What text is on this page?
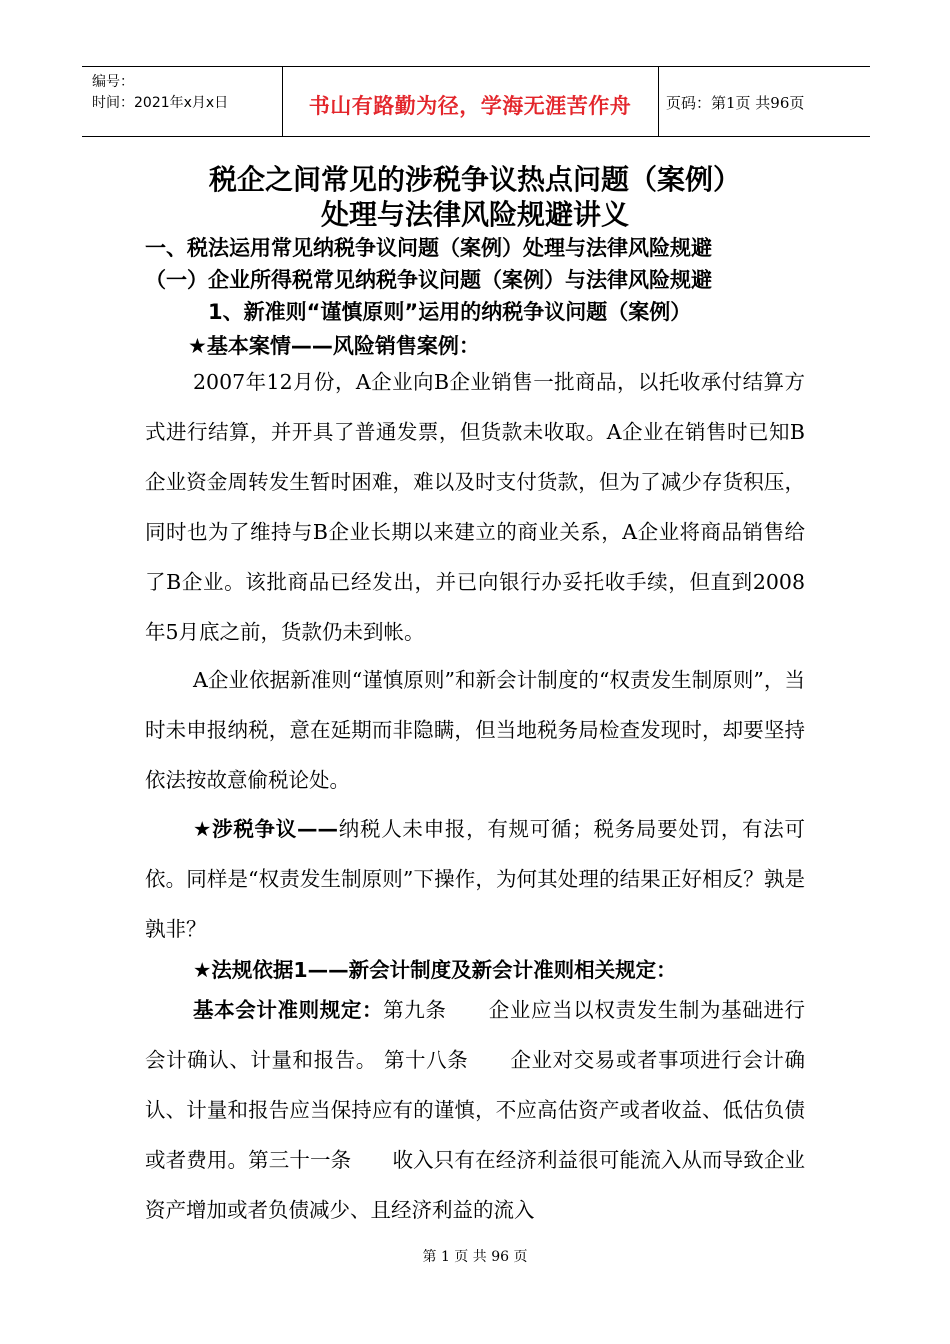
编号：
时间：2021年x月x日	书山有路勤为径，学海无涯苦作舟	页码：第1页 共96页
税企之间常见的涉税争议热点问题（案例）
处理与法律风险规避讲义
一、税法运用常见纳税争议问题（案例）处理与法律风险规避
（一）企业所得税常见纳税争议问题（案例）与法律风险规避
1、新准则“谨慎原则”运用的纳税争议问题（案例）
★基本案情——风险销售案例：

2007年12月份，A企业向B企业销售一批商品，以托收承付结算方式进行结算，并开具了普通发票，但货款未收取。A企业在销售时已知B企业资金周转发生暂时困难，难以及时支付货款，但为了减少存货积压，同时也为了维持与B企业长期以来建立的商业关系，A企业将商品销售给了B企业。该批商品已经发出，并已向银行办妥托收手续，但直到2008年5月底之前，货款仍未到帐。

A企业依据新准则“谨慎原则”和新会计制度的“权责发生制原则”，当时未申报纳税，意在延期而非隐瞒，但当地税务局检查发现时，却要坚持依法按故意偷税论处。

★涉税争议——纳税人未申报，有规可循；税务局要处罚，有法可依。同样是“权责发生制原则”下操作，为何其处理的结果正好相反？孰是孰非？

★法规依据1——新会计制度及新会计准则相关规定：

基本会计准则规定：第九条　　企业应当以权责发生制为基础进行会计确认、计量和报告。 第十八条　　企业对交易或者事项进行会计确认、计量和报告应当保持应有的谨慎，不应高估资产或者收益、低估负债或者费用。第三十一条　　收入只有在经济利益很可能流入从而导致企业资产增加或者负债减少、且经济利益的流入

第 1 页 共 96 页
